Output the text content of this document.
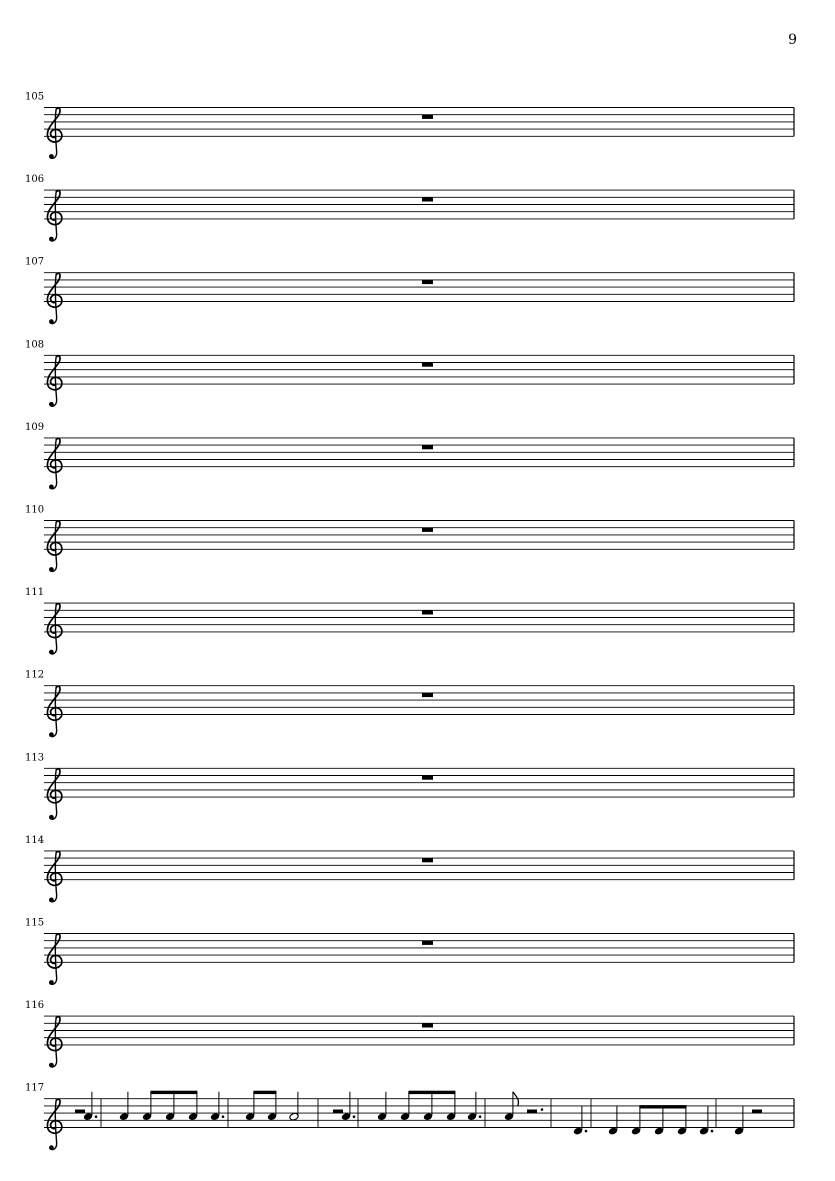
9
105
106
107
108
109
110
111
112
113
114
115
116
117
